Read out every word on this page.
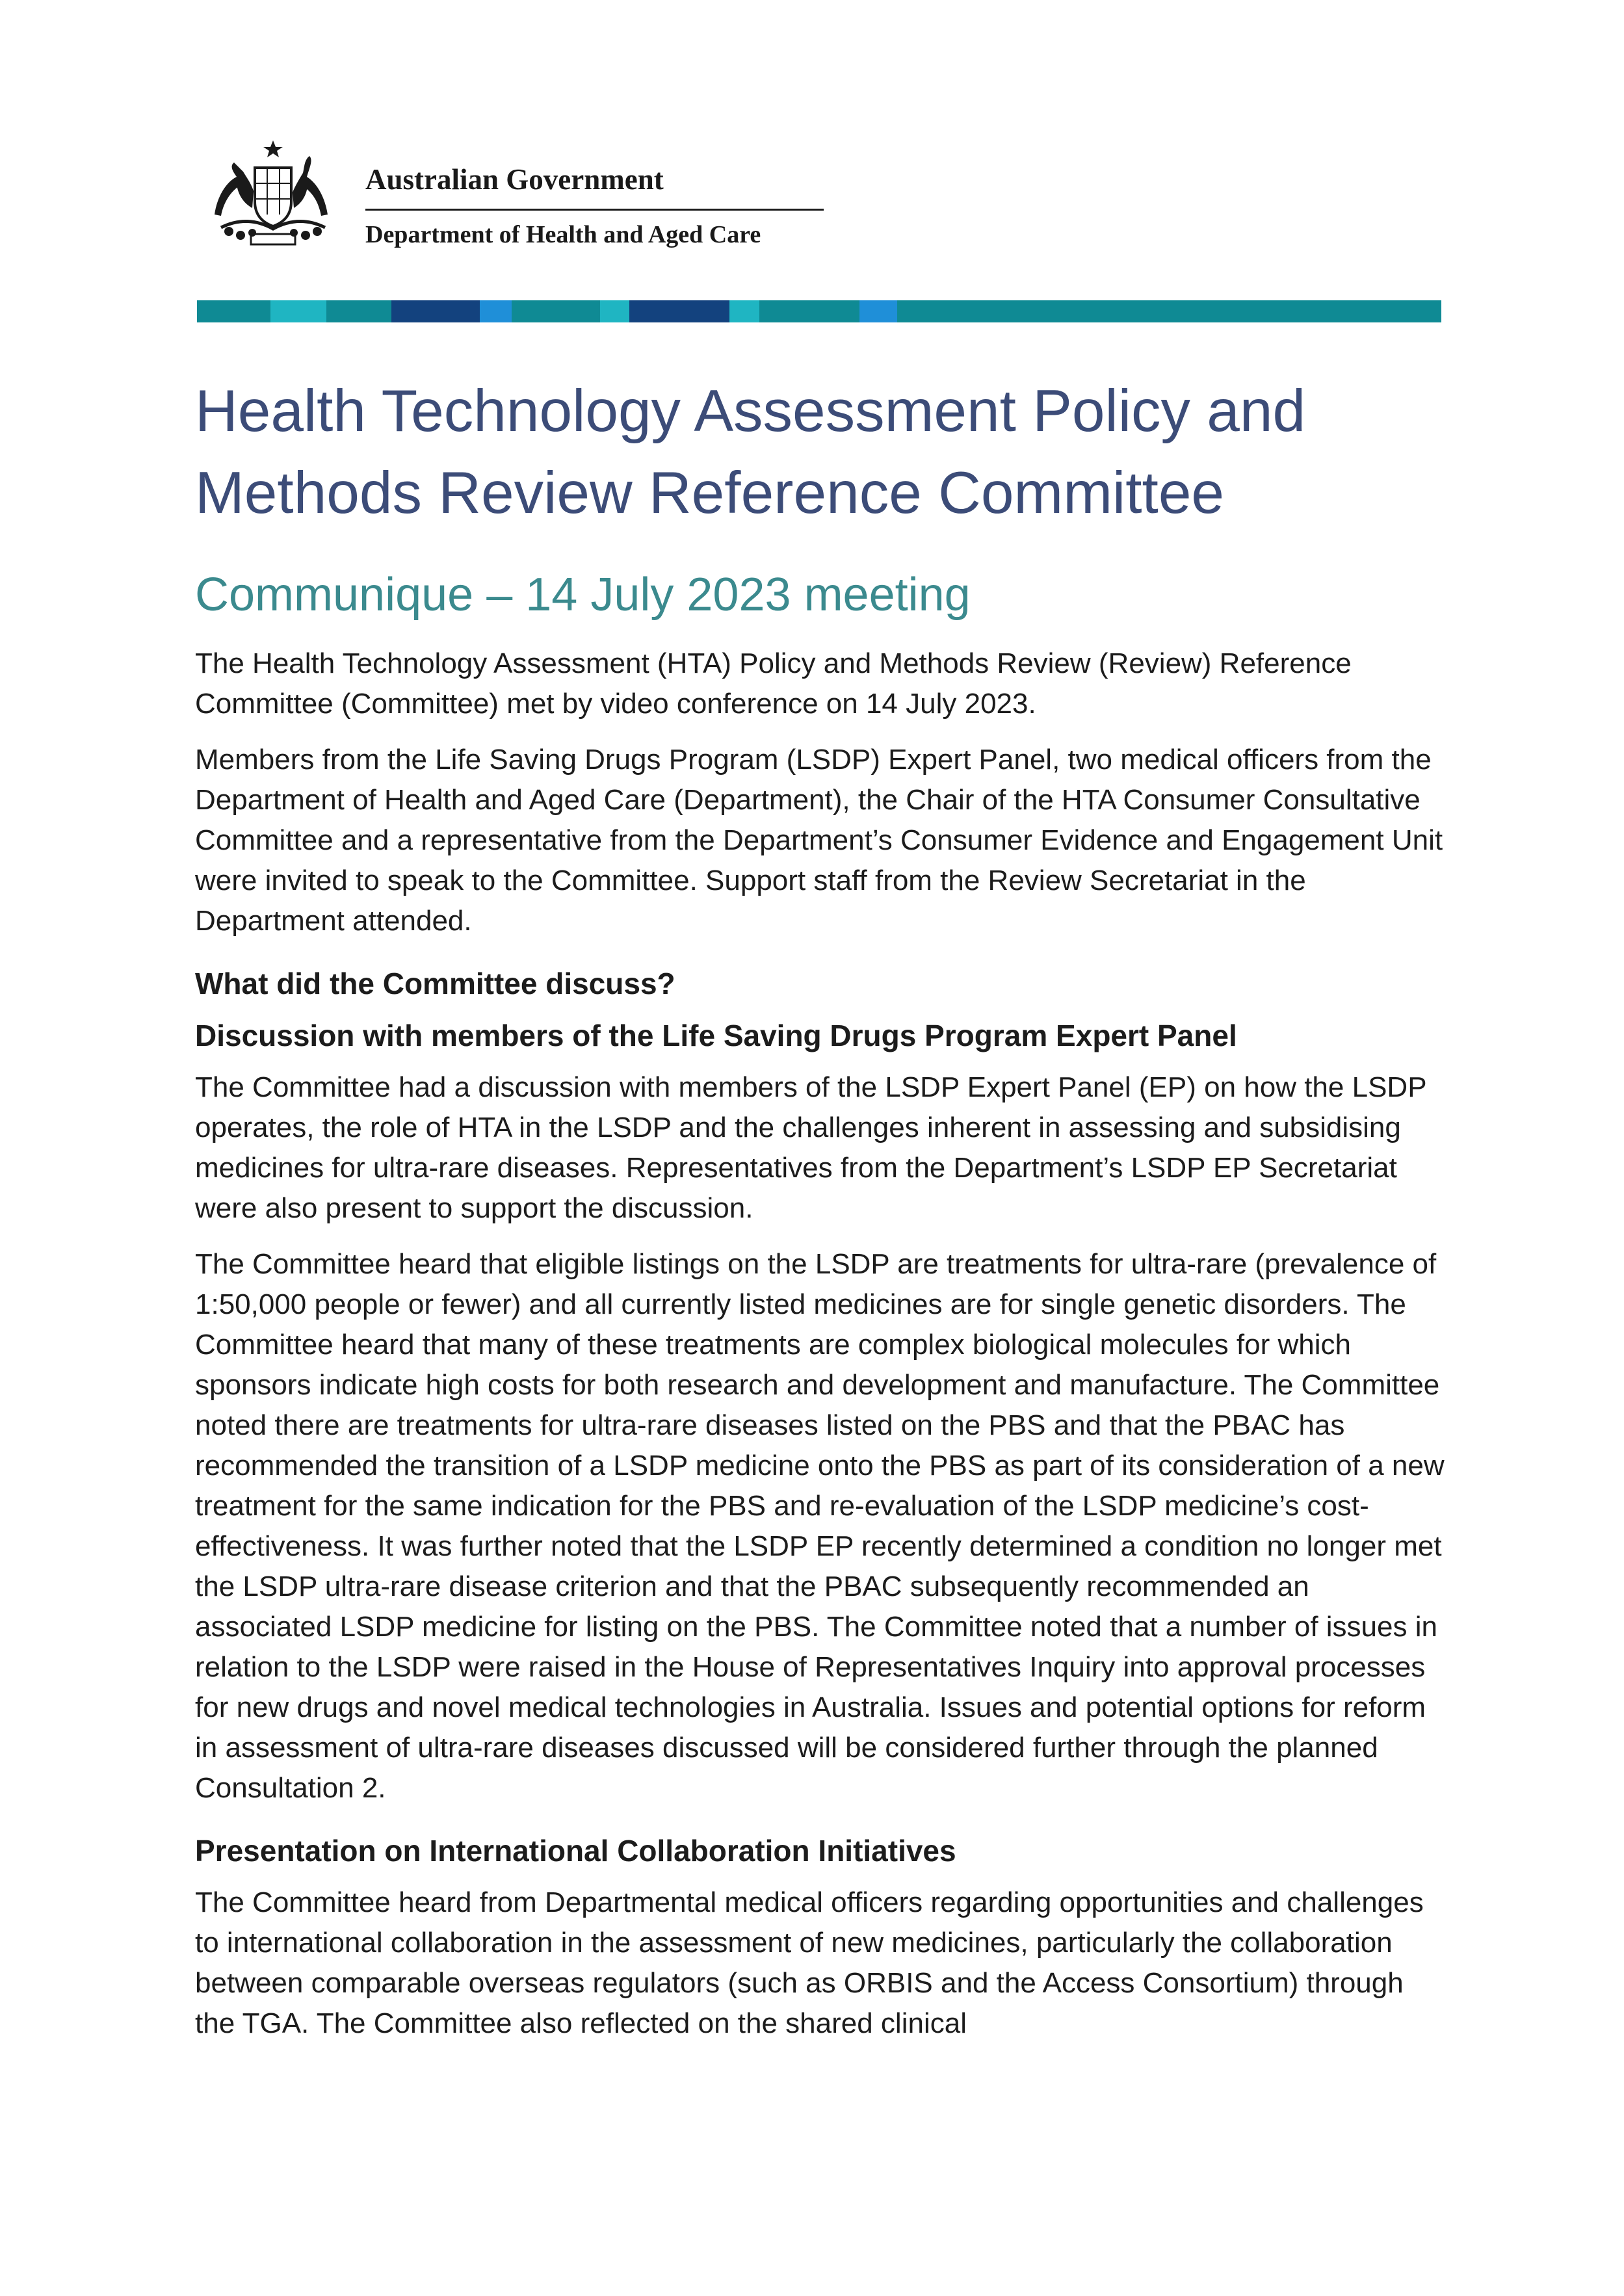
Australian Government
Department of Health and Aged Care
Health Technology Assessment Policy and
Methods Review Reference Committee
Communique – 14 July 2023 meeting

The Health Technology Assessment (HTA) Policy and Methods Review (Review) Reference Committee (Committee) met by video conference on 14 July 2023.

Members from the Life Saving Drugs Program (LSDP) Expert Panel, two medical officers from the Department of Health and Aged Care (Department), the Chair of the HTA Consumer Consultative Committee and a representative from the Department’s Consumer Evidence and Engagement Unit were invited to speak to the Committee. Support staff from the Review Secretariat in the Department attended.

What did the Committee discuss?
Discussion with members of the Life Saving Drugs Program Expert Panel

The Committee had a discussion with members of the LSDP Expert Panel (EP) on how the LSDP operates, the role of HTA in the LSDP and the challenges inherent in assessing and subsidising medicines for ultra-rare diseases. Representatives from the Department’s LSDP EP Secretariat were also present to support the discussion.

The Committee heard that eligible listings on the LSDP are treatments for ultra-rare (prevalence of 1:50,000 people or fewer) and all currently listed medicines are for single genetic disorders. The Committee heard that many of these treatments are complex biological molecules for which sponsors indicate high costs for both research and development and manufacture. The Committee noted there are treatments for ultra-rare diseases listed on the PBS and that the PBAC has recommended the transition of a LSDP medicine onto the PBS as part of its consideration of a new treatment for the same indication for the PBS and re-evaluation of the LSDP medicine’s cost-effectiveness. It was further noted that the LSDP EP recently determined a condition no longer met the LSDP ultra-rare disease criterion and that the PBAC subsequently recommended an associated LSDP medicine for listing on the PBS. The Committee noted that a number of issues in relation to the LSDP were raised in the House of Representatives Inquiry into approval processes for new drugs and novel medical technologies in Australia. Issues and potential options for reform in assessment of ultra-rare diseases discussed will be considered further through the planned Consultation 2.

Presentation on International Collaboration Initiatives

The Committee heard from Departmental medical officers regarding opportunities and challenges to international collaboration in the assessment of new medicines, particularly the collaboration between comparable overseas regulators (such as ORBIS and the Access Consortium) through the TGA. The Committee also reflected on the shared clinical
